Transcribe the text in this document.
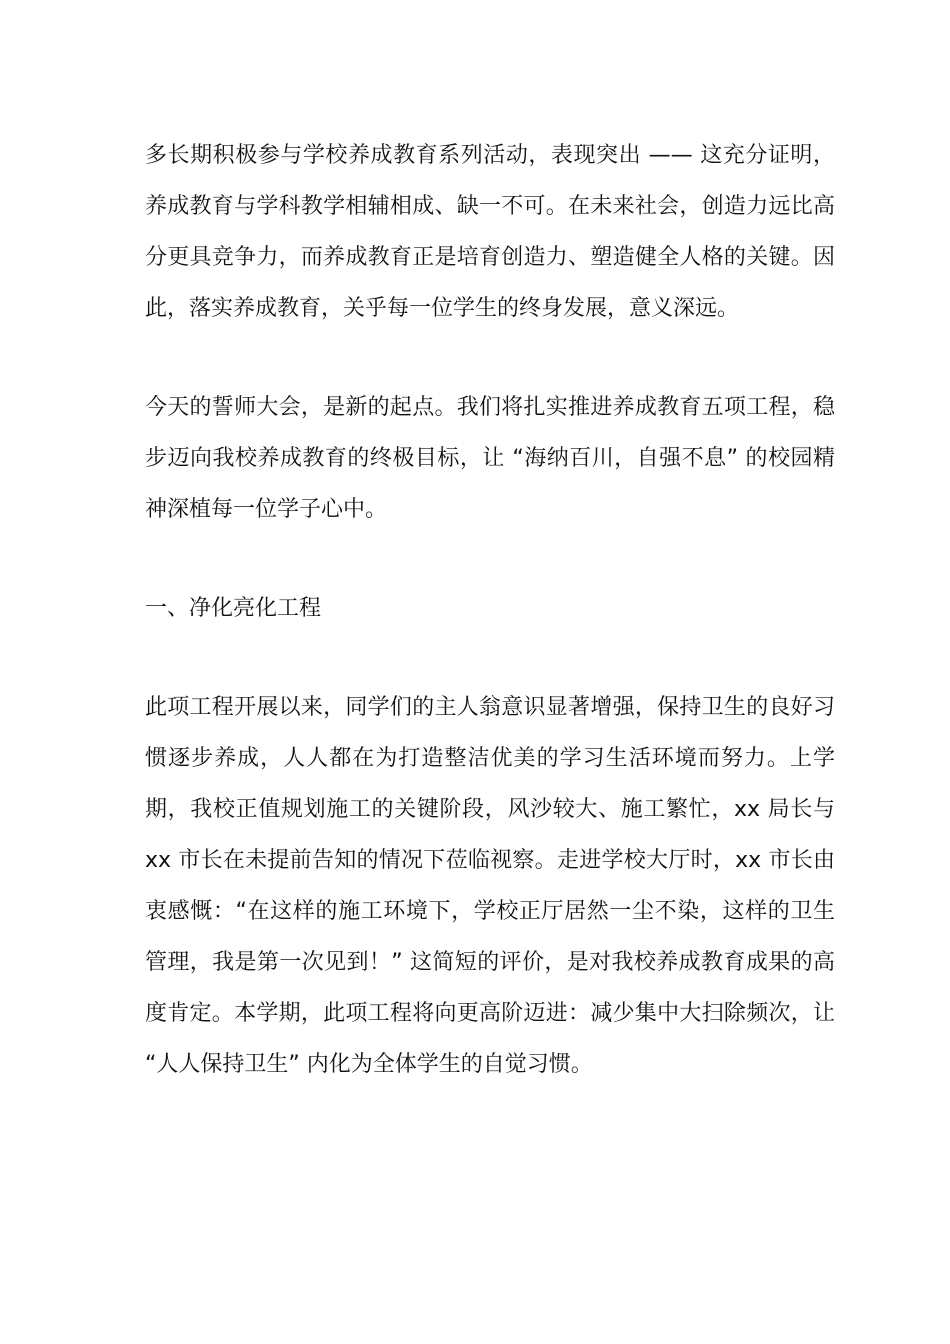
多长期积极参与学校养成教育系列活动，表现突出 —— 这充分证明，养成教育与学科教学相辅相成、缺一不可。在未来社会，创造力远比高分更具竞争力，而养成教育正是培育创造力、塑造健全人格的关键。因此，落实养成教育，关乎每一位学生的终身发展，意义深远。

今天的誓师大会，是新的起点。我们将扎实推进养成教育五项工程，稳步迈向我校养成教育的终极目标，让 “海纳百川，自强不息” 的校园精神深植每一位学子心中。

一、净化亮化工程

此项工程开展以来，同学们的主人翁意识显著增强，保持卫生的良好习惯逐步养成，人人都在为打造整洁优美的学习生活环境而努力。上学期，我校正值规划施工的关键阶段，风沙较大、施工繁忙，xx 局长与 xx 市长在未提前告知的情况下莅临视察。走进学校大厅时，xx 市长由衷感慨：“在这样的施工环境下，学校正厅居然一尘不染，这样的卫生管理，我是第一次见到！” 这简短的评价，是对我校养成教育成果的高度肯定。本学期，此项工程将向更高阶迈进：减少集中大扫除频次，让 “人人保持卫生” 内化为全体学生的自觉习惯。
